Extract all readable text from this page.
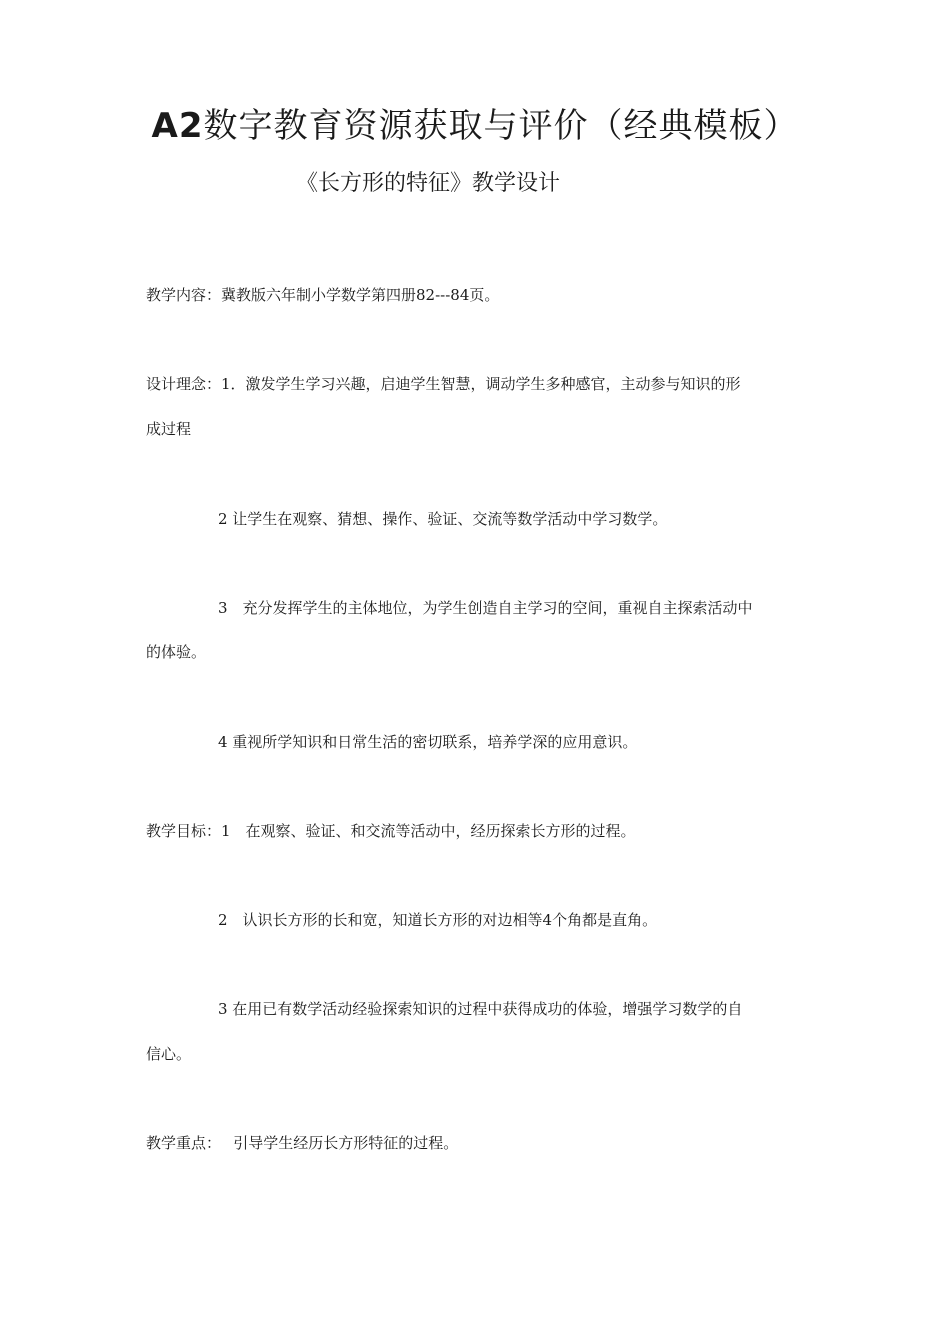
A2数字教育资源获取与评价（经典模板）
《长方形的特征》教学设计
教学内容：冀教版六年制小学数学第四册82---84页。
设计理念：1．激发学生学习兴趣，启迪学生智慧，调动学生多种感官，主动参与知识的形
成过程
2 让学生在观察、猜想、操作、验证、交流等数学活动中学习数学。
3　充分发挥学生的主体地位，为学生创造自主学习的空间，重视自主探索活动中
的体验。
4 重视所学知识和日常生活的密切联系，培养学深的应用意识。
教学目标：1　在观察、验证、和交流等活动中，经历探索长方形的过程。
2　认识长方形的长和宽，知道长方形的对边相等4个角都是直角。
3 在用已有数学活动经验探索知识的过程中获得成功的体验，增强学习数学的自
信心。
教学重点：　 引导学生经历长方形特征的过程。
